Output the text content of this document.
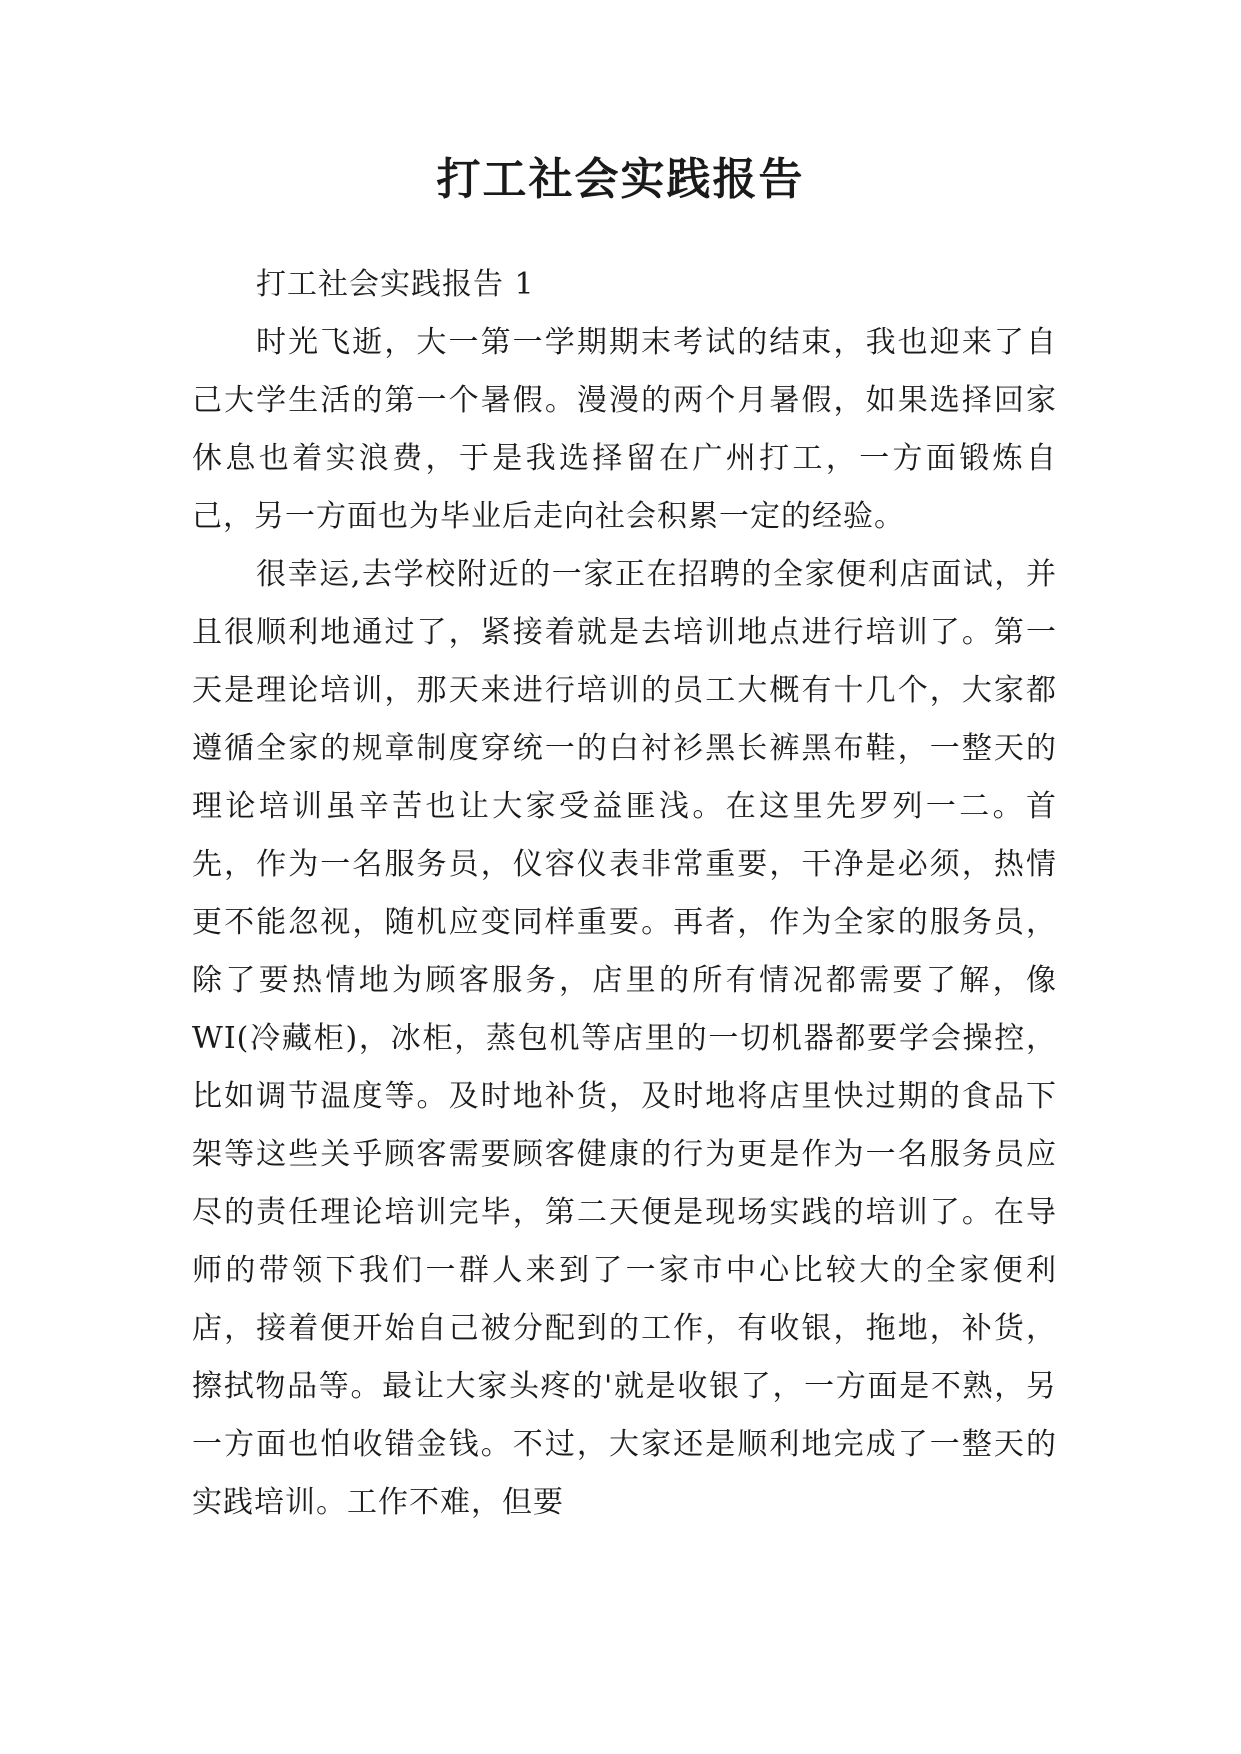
打工社会实践报告

打工社会实践报告 1

时光飞逝，大一第一学期期末考试的结束，我也迎来了自己大学生活的第一个暑假。漫漫的两个月暑假，如果选择回家休息也着实浪费，于是我选择留在广州打工，一方面锻炼自己，另一方面也为毕业后走向社会积累一定的经验。

很幸运,去学校附近的一家正在招聘的全家便利店面试，并且很顺利地通过了，紧接着就是去培训地点进行培训了。第一天是理论培训，那天来进行培训的员工大概有十几个，大家都遵循全家的规章制度穿统一的白衬衫黑长裤黑布鞋，一整天的理论培训虽辛苦也让大家受益匪浅。在这里先罗列一二。首先，作为一名服务员，仪容仪表非常重要，干净是必须，热情更不能忽视，随机应变同样重要。再者，作为全家的服务员，除了要热情地为顾客服务，店里的所有情况都需要了解，像WI(冷藏柜)，冰柜，蒸包机等店里的一切机器都要学会操控，比如调节温度等。及时地补货，及时地将店里快过期的食品下架等这些关乎顾客需要顾客健康的行为更是作为一名服务员应尽的责任理论培训完毕，第二天便是现场实践的培训了。在导师的带领下我们一群人来到了一家市中心比较大的全家便利店，接着便开始自己被分配到的工作，有收银，拖地，补货，擦拭物品等。最让大家头疼的'就是收银了，一方面是不熟，另一方面也怕收错金钱。不过，大家还是顺利地完成了一整天的实践培训。工作不难，但要
